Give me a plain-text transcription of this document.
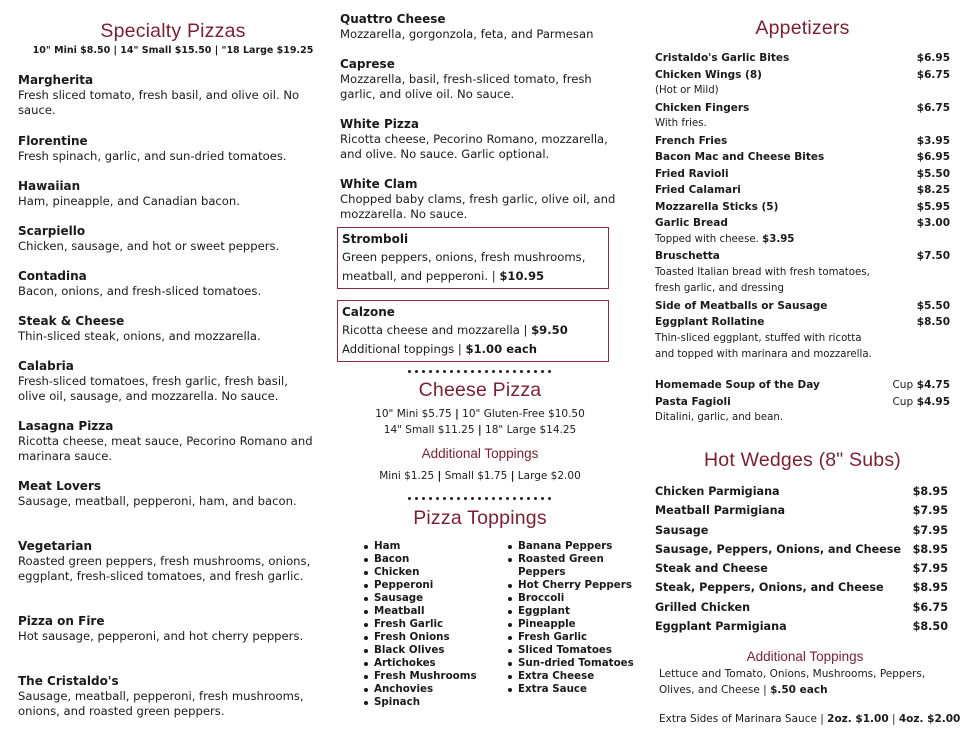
Specialty Pizzas
10" Mini $8.50 | 14" Small $15.50 | "18 Large $19.25
Margherita
Fresh sliced tomato, fresh basil, and olive oil. No sauce.
Florentine
Fresh spinach, garlic, and sun-dried tomatoes.
Hawaiian
Ham, pineapple, and Canadian bacon.
Scarpiello
Chicken, sausage, and hot or sweet peppers.
Contadina
Bacon, onions, and fresh-sliced tomatoes.
Steak & Cheese
Thin-sliced steak, onions, and mozzarella.
Calabria
Fresh-sliced tomatoes, fresh garlic, fresh basil, olive oil, sausage, and mozzarella. No sauce.
Lasagna Pizza
Ricotta cheese, meat sauce, Pecorino Romano and marinara sauce.
Meat Lovers
Sausage, meatball, pepperoni, ham, and bacon.
Vegetarian
Roasted green peppers, fresh mushrooms, onions, eggplant, fresh-sliced tomatoes, and fresh garlic.
Pizza on Fire
Hot sausage, pepperoni, and hot cherry peppers.
The Cristaldo's
Sausage, meatball, pepperoni, fresh mushrooms, onions, and roasted green peppers.
Quattro Cheese
Mozzarella, gorgonzola, feta, and Parmesan
Caprese
Mozzarella, basil, fresh-sliced tomato, fresh garlic, and olive oil. No sauce.
White Pizza
Ricotta cheese, Pecorino Romano, mozzarella, and olive. No sauce. Garlic optional.
White Clam
Chopped baby clams, fresh garlic, olive oil, and mozzarella. No sauce.
Stromboli
Green peppers, onions, fresh mushrooms, meatball, and pepperoni. | $10.95
Calzone
Ricotta cheese and mozzarella | $9.50
Additional toppings | $1.00 each
Cheese Pizza
10" Mini $5.75 | 10" Gluten-Free $10.50
14" Small $11.25 | 18" Large $14.25
Additional Toppings
Mini $1.25 | Small $1.75 | Large $2.00
Pizza Toppings
Ham
Bacon
Chicken
Pepperoni
Sausage
Meatball
Fresh Garlic
Fresh Onions
Black Olives
Artichokes
Fresh Mushrooms
Anchovies
Spinach
Banana Peppers
Roasted Green Peppers
Hot Cherry Peppers
Broccoli
Eggplant
Pineapple
Fresh Garlic
Sliced Tomatoes
Sun-dried Tomatoes
Extra Cheese
Extra Sauce
Appetizers
Cristaldo's Garlic Bites	$6.95
Chicken Wings (8)	$6.75
(Hot or Mild)
Chicken Fingers	$6.75
With fries.
French Fries	$3.95
Bacon Mac and Cheese Bites	$6.95
Fried Ravioli	$5.50
Fried Calamari	$8.25
Mozzarella Sticks (5)	$5.95
Garlic Bread	$3.00
Topped with cheese. $3.95
Bruschetta	$7.50
Toasted Italian bread with fresh tomatoes, fresh garlic, and dressing
Side of Meatballs or Sausage	$5.50
Eggplant Rollatine	$8.50
Thin-sliced eggplant, stuffed with ricotta and topped with marinara and mozzarella.
Homemade Soup of the Day	Cup $4.75
Pasta Fagioli	Cup $4.95
Ditalini, garlic, and bean.
Hot Wedges (8" Subs)
Chicken Parmigiana	$8.95
Meatball Parmigiana	$7.95
Sausage	$7.95
Sausage, Peppers, Onions, and Cheese $8.95
Steak and Cheese	$7.95
Steak, Peppers, Onions, and Cheese	$8.95
Grilled Chicken	$6.75
Eggplant Parmigiana	$8.50
Additional Toppings
Lettuce and Tomato, Onions, Mushrooms, Peppers, Olives, and Cheese | $.50 each
Extra Sides of Marinara Sauce | 2oz. $1.00 | 4oz. $2.00
